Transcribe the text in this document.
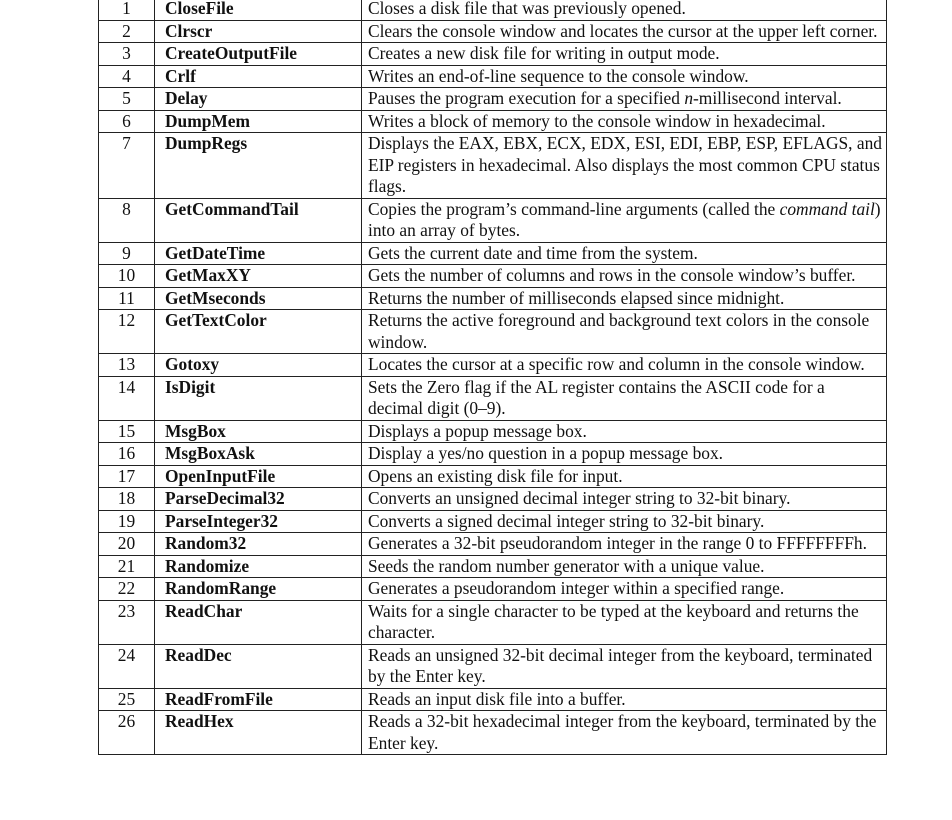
1	CloseFile	Closes a disk file that was previously opened.
2	Clrscr	Clears the console window and locates the cursor at the upper left corner.
3	CreateOutputFile	Creates a new disk file for writing in output mode.
4	Crlf	Writes an end-of-line sequence to the console window.
5	Delay	Pauses the program execution for a specified n-millisecond interval.
6	DumpMem	Writes a block of memory to the console window in hexadecimal.
7	DumpRegs	Displays the EAX, EBX, ECX, EDX, ESI, EDI, EBP, ESP, EFLAGS, and EIP registers in hexadecimal. Also displays the most common CPU status flags.
8	GetCommandTail	Copies the program’s command-line arguments (called the command tail) into an array of bytes.
9	GetDateTime	Gets the current date and time from the system.
10	GetMaxXY	Gets the number of columns and rows in the console window’s buffer.
11	GetMseconds	Returns the number of milliseconds elapsed since midnight.
12	GetTextColor	Returns the active foreground and background text colors in the console window.
13	Gotoxy	Locates the cursor at a specific row and column in the console window.
14	IsDigit	Sets the Zero flag if the AL register contains the ASCII code for a decimal digit (0–9).
15	MsgBox	Displays a popup message box.
16	MsgBoxAsk	Display a yes/no question in a popup message box.
17	OpenInputFile	Opens an existing disk file for input.
18	ParseDecimal32	Converts an unsigned decimal integer string to 32-bit binary.
19	ParseInteger32	Converts a signed decimal integer string to 32-bit binary.
20	Random32	Generates a 32-bit pseudorandom integer in the range 0 to FFFFFFFFh.
21	Randomize	Seeds the random number generator with a unique value.
22	RandomRange	Generates a pseudorandom integer within a specified range.
23	ReadChar	Waits for a single character to be typed at the keyboard and returns the character.
24	ReadDec	Reads an unsigned 32-bit decimal integer from the keyboard, terminated by the Enter key.
25	ReadFromFile	Reads an input disk file into a buffer.
26	ReadHex	Reads a 32-bit hexadecimal integer from the keyboard, terminated by the Enter key.
